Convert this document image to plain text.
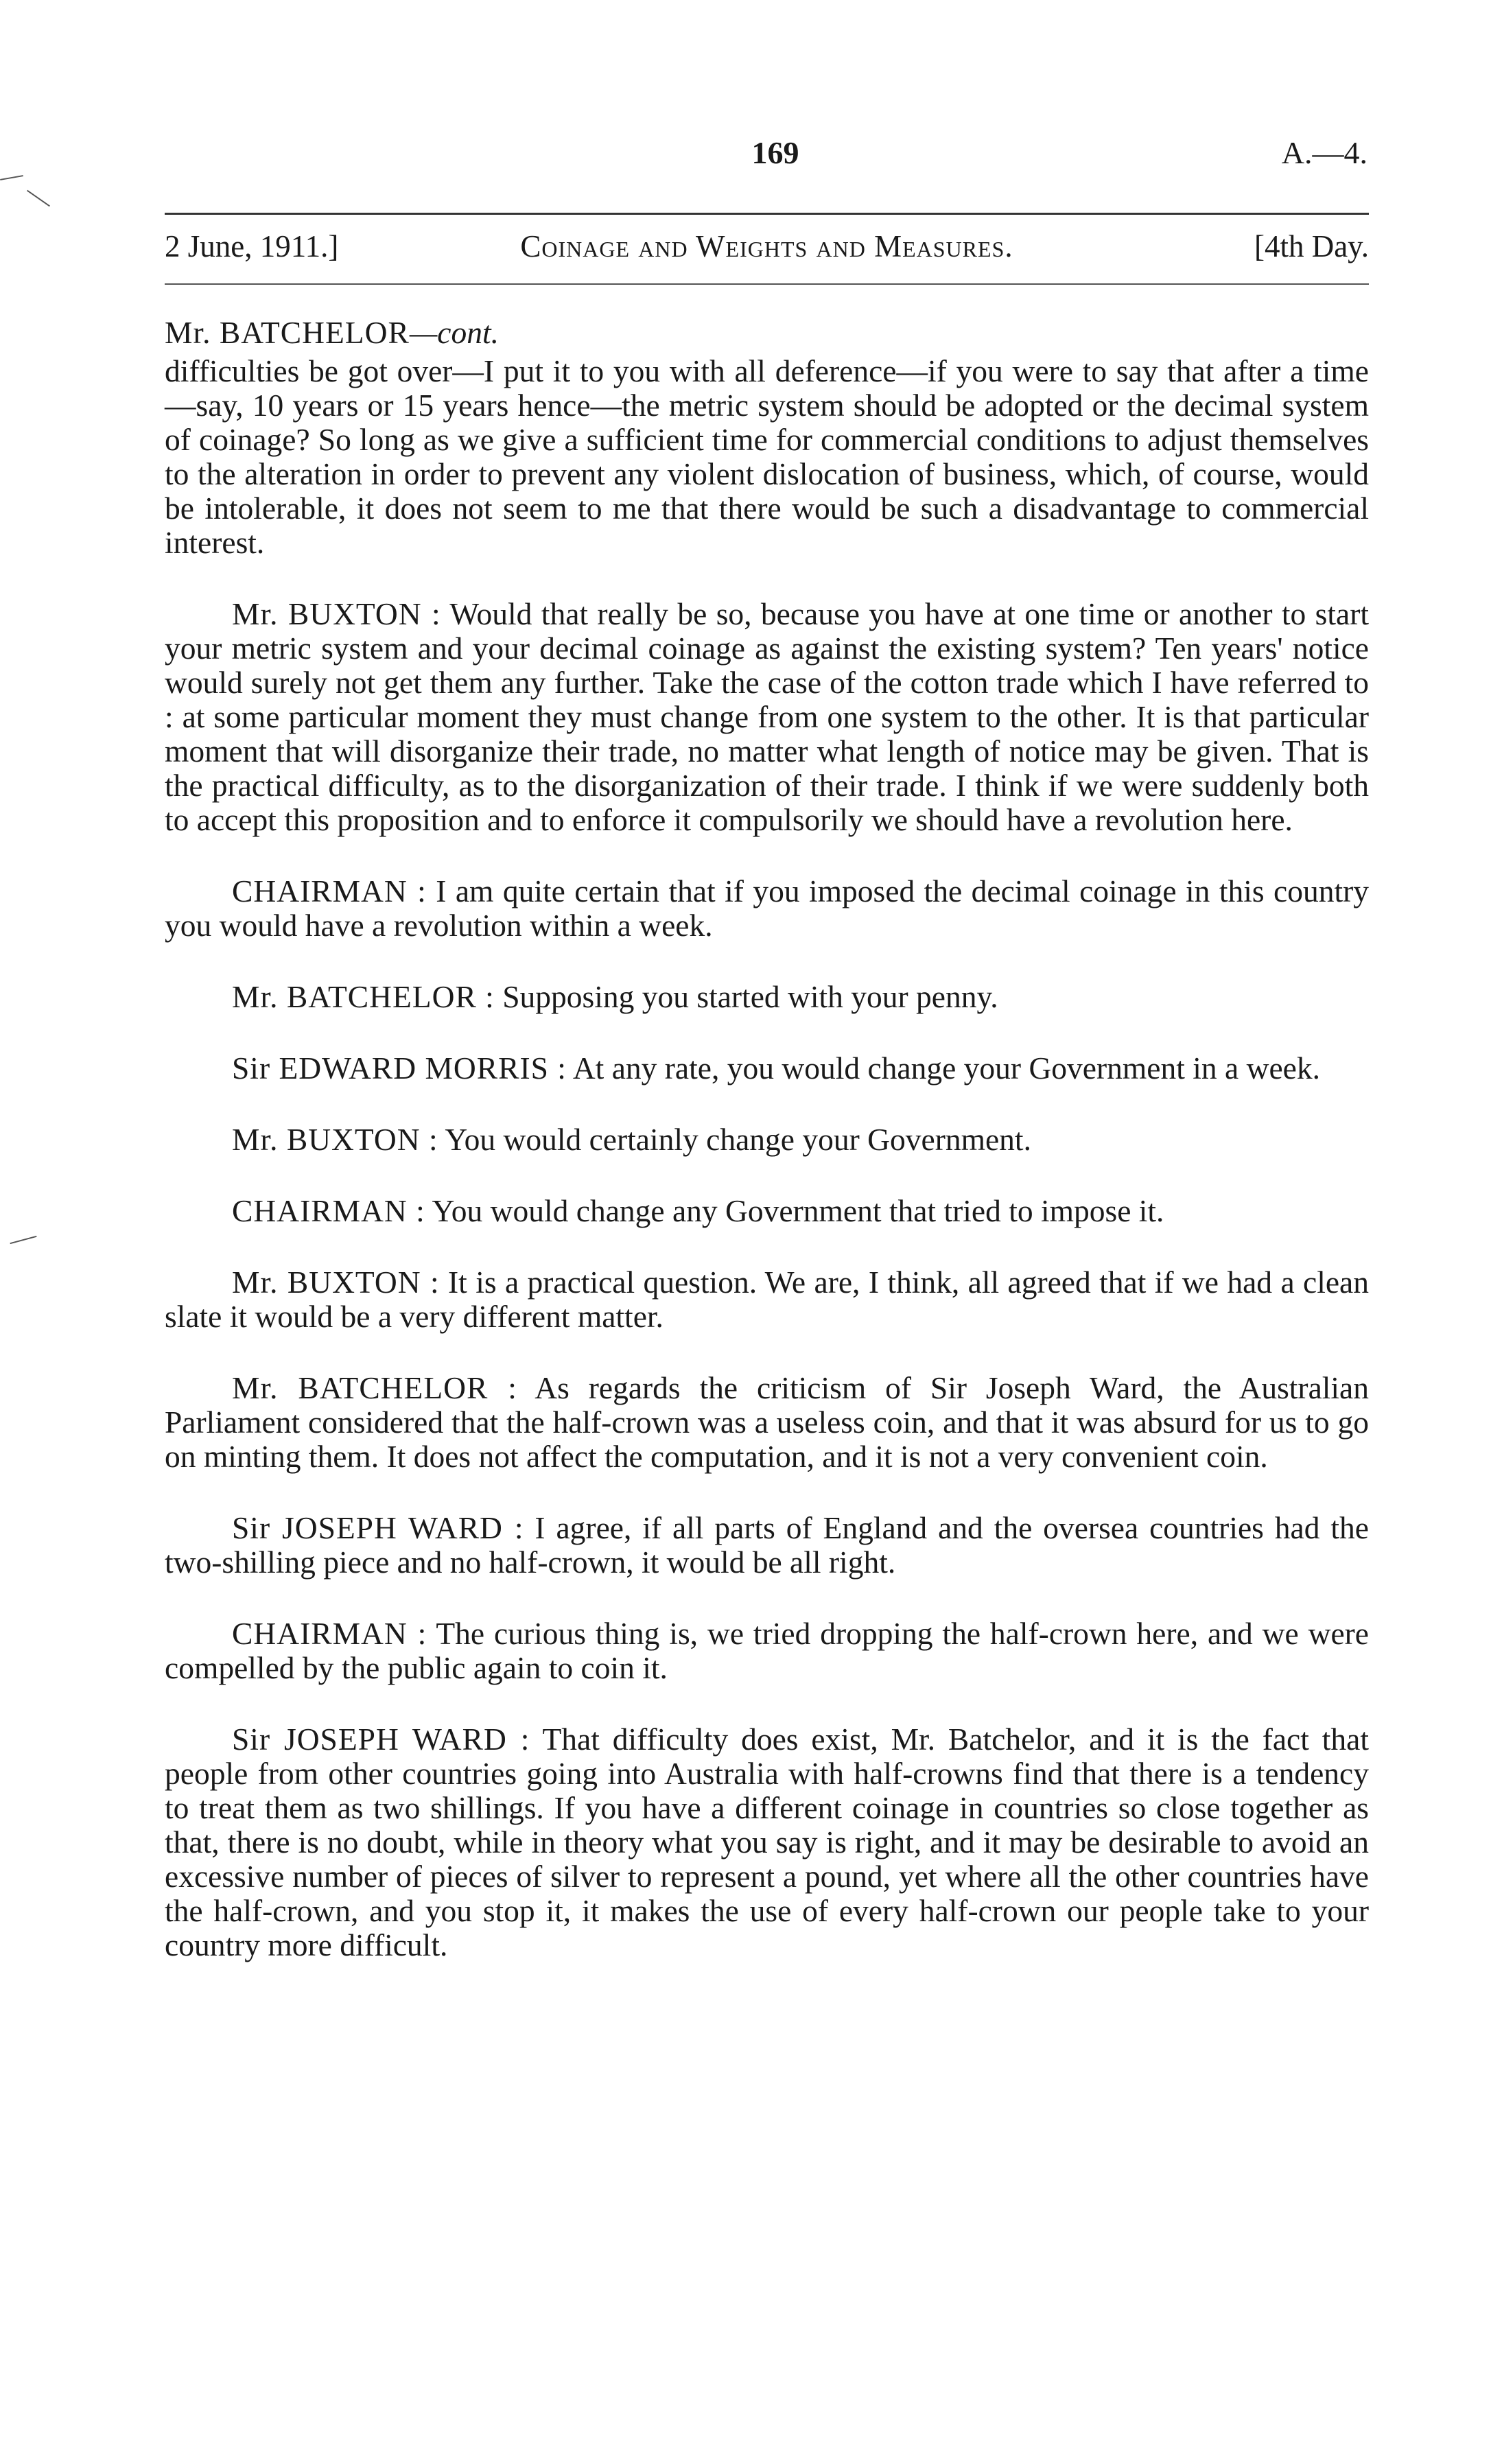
169	A.—4.
2 June, 1911.]	Coinage and Weights and Measures.	[4th Day.

Mr. BATCHELOR—cont.

difficulties be got over—I put it to you with all deference—if you were to say that after a time—say, 10 years or 15 years hence—the metric system should be adopted or the decimal system of coinage? So long as we give a sufficient time for commercial conditions to adjust themselves to the alteration in order to prevent any violent dislocation of business, which, of course, would be intolerable, it does not seem to me that there would be such a disadvantage to commercial interest.

Mr. BUXTON : Would that really be so, because you have at one time or another to start your metric system and your decimal coinage as against the existing system? Ten years' notice would surely not get them any further. Take the case of the cotton trade which I have referred to : at some particular moment they must change from one system to the other. It is that particular moment that will disorganize their trade, no matter what length of notice may be given. That is the practical difficulty, as to the disorganization of their trade. I think if we were suddenly both to accept this proposition and to enforce it compulsorily we should have a revolution here.

CHAIRMAN : I am quite certain that if you imposed the decimal coinage in this country you would have a revolution within a week.

Mr. BATCHELOR : Supposing you started with your penny.

Sir EDWARD MORRIS : At any rate, you would change your Government in a week.

Mr. BUXTON : You would certainly change your Government.

CHAIRMAN : You would change any Government that tried to impose it.

Mr. BUXTON : It is a practical question. We are, I think, all agreed that if we had a clean slate it would be a very different matter.

Mr. BATCHELOR : As regards the criticism of Sir Joseph Ward, the Australian Parliament considered that the half-crown was a useless coin, and that it was absurd for us to go on minting them. It does not affect the computation, and it is not a very convenient coin.

Sir JOSEPH WARD : I agree, if all parts of England and the oversea countries had the two-shilling piece and no half-crown, it would be all right.

CHAIRMAN : The curious thing is, we tried dropping the half-crown here, and we were compelled by the public again to coin it.

Sir JOSEPH WARD : That difficulty does exist, Mr. Batchelor, and it is the fact that people from other countries going into Australia with half-crowns find that there is a tendency to treat them as two shillings. If you have a different coinage in countries so close together as that, there is no doubt, while in theory what you say is right, and it may be desirable to avoid an excessive number of pieces of silver to represent a pound, yet where all the other countries have the half-crown, and you stop it, it makes the use of every half-crown our people take to your country more difficult.
